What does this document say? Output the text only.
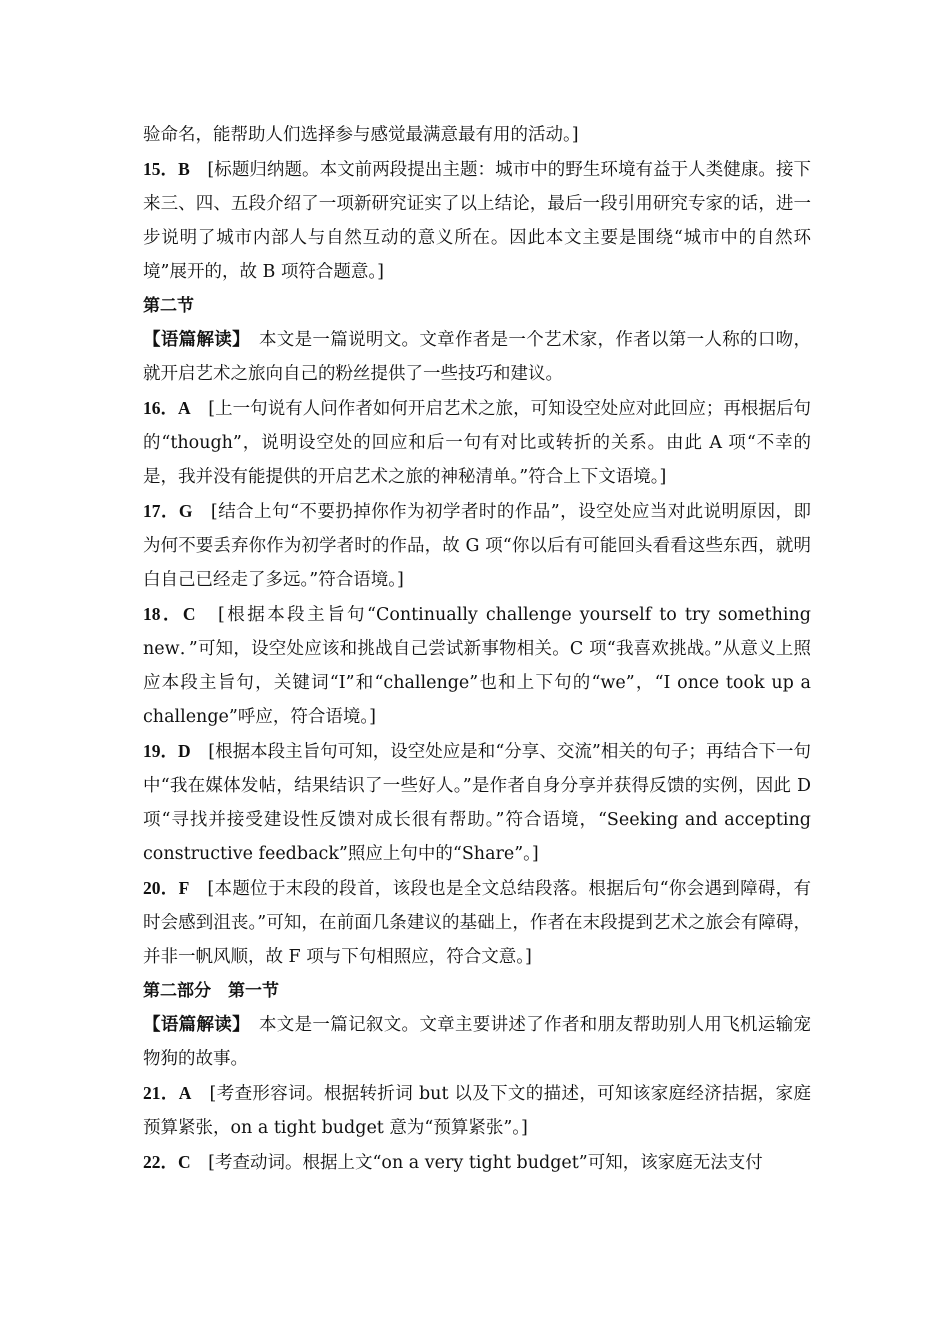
验命名，能帮助人们选择参与感觉最满意最有用的活动。]

15．B　 [标题归纳题。本文前两段提出主题：城市中的野生环境有益于人类健康。接下来三、四、五段介绍了一项新研究证实了以上结论，最后一段引用研究专家的话，进一步说明了城市内部人与自然互动的意义所在。因此本文主要是围绕“城市中的自然环境”展开的，故 B 项符合题意。]

第二节

【语篇解读】　 本文是一篇说明文。文章作者是一个艺术家，作者以第一人称的口吻，就开启艺术之旅向自己的粉丝提供了一些技巧和建议。

16．A　 [上一句说有人问作者如何开启艺术之旅，可知设空处应对此回应；再根据后句的“though”，说明设空处的回应和后一句有对比或转折的关系。由此 A 项“不幸的是，我并没有能提供的开启艺术之旅的神秘清单。”符合上下文语境。]

17．G　 [结合上句“不要扔掉你作为初学者时的作品”，设空处应当对此说明原因，即为何不要丢弃你作为初学者时的作品，故 G 项“你以后有可能回头看看这些东西，就明白自己已经走了多远。”符合语境。]

18．C　 [根据本段主旨句“Continually challenge yourself to try something new．”可知，设空处应该和挑战自己尝试新事物相关。C 项“我喜欢挑战。”从意义上照应本段主旨句，关键词“I”和“challenge”也和上下句的“we”，“I once took up a challenge”呼应，符合语境。]

19．D　 [根据本段主旨句可知，设空处应是和“分享、交流”相关的句子；再结合下一句中“我在媒体发帖，结果结识了一些好人。”是作者自身分享并获得反馈的实例，因此 D 项“寻找并接受建设性反馈对成长很有帮助。”符合语境，“Seeking and accepting constructive feedback”照应上句中的“Share”。]

20．F　 [本题位于末段的段首，该段也是全文总结段落。根据后句“你会遇到障碍，有时会感到沮丧。”可知，在前面几条建议的基础上，作者在末段提到艺术之旅会有障碍，并非一帆风顺，故 F 项与下句相照应，符合文意。]

第二部分　第一节

【语篇解读】　 本文是一篇记叙文。文章主要讲述了作者和朋友帮助别人用飞机运输宠物狗的故事。

21．A　 [考查形容词。根据转折词 but 以及下文的描述，可知该家庭经济拮据，家庭预算紧张，on a tight budget 意为“预算紧张”。]

22．C　 [考查动词。根据上文“on a very tight budget”可知，该家庭无法支付
